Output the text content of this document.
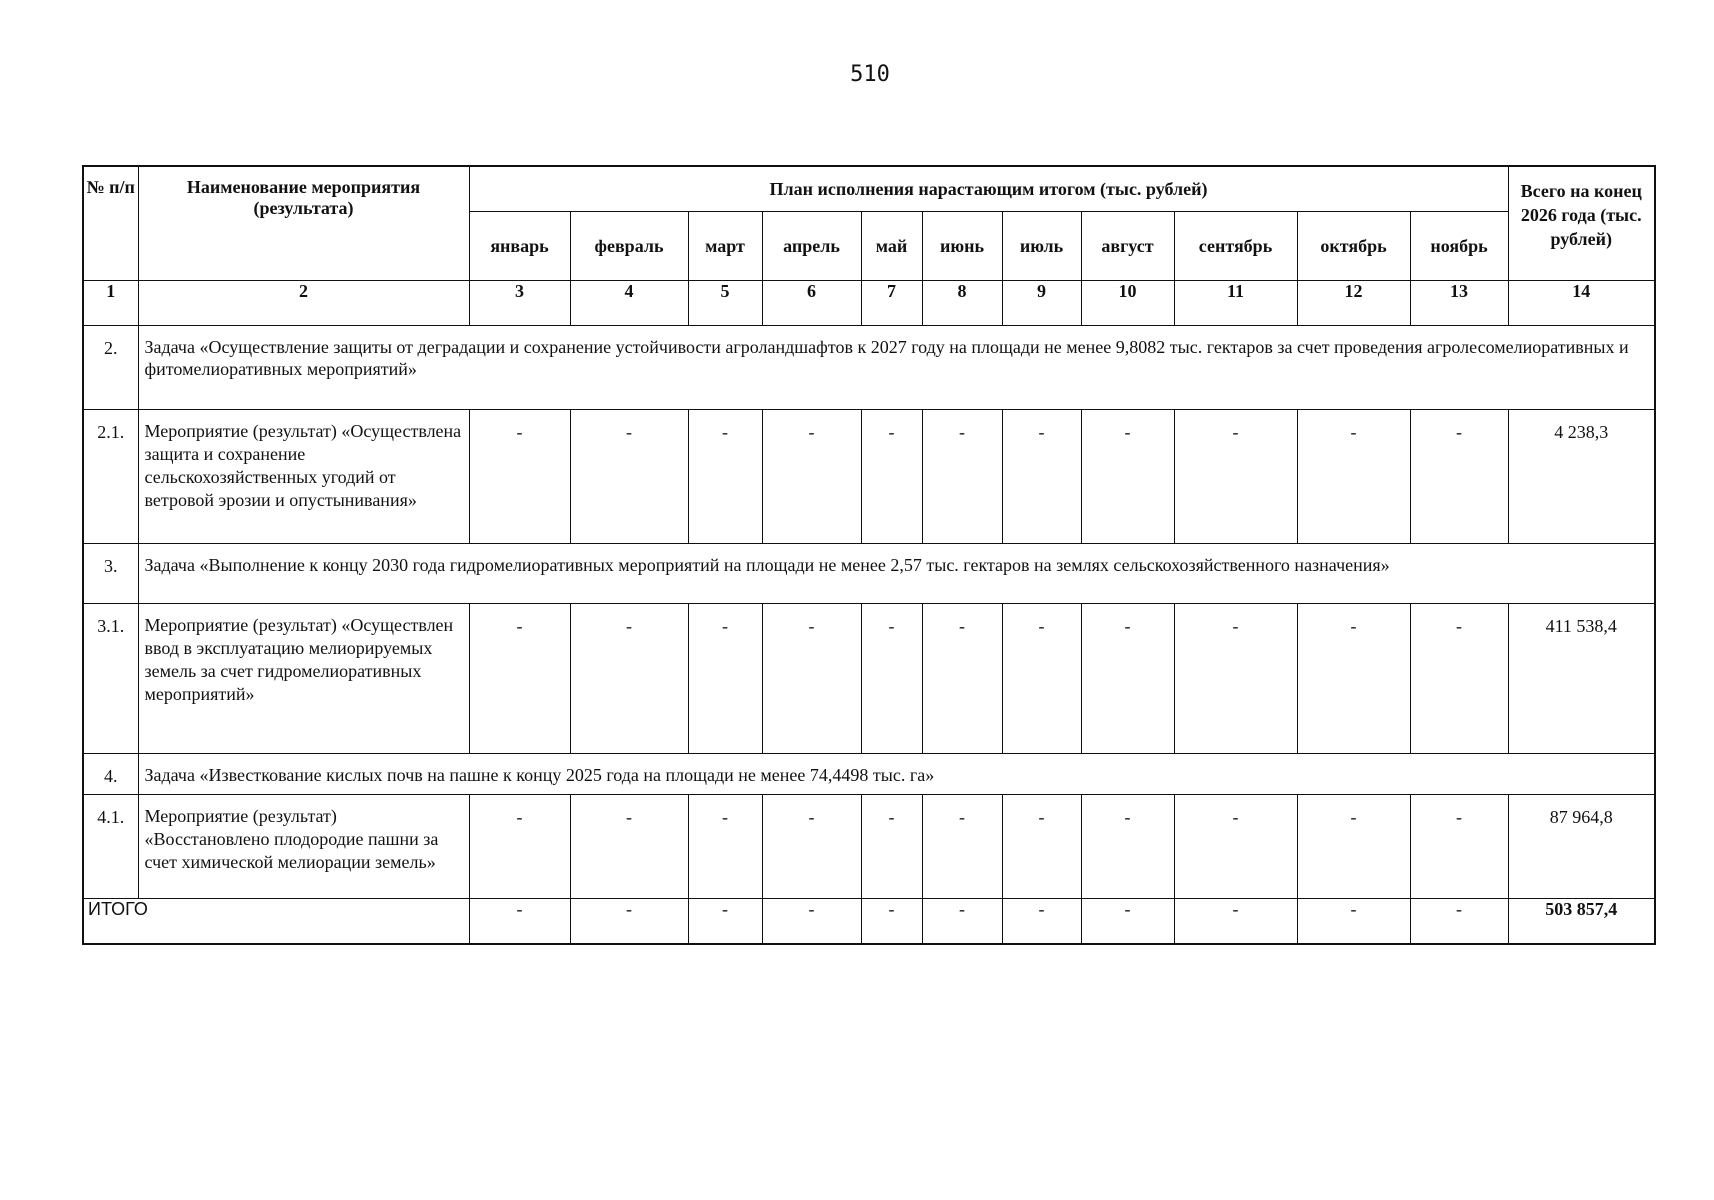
510
№ п/п	Наименование мероприятия (результата)	План исполнения нарастающим итогом (тыс. рублей)											Всего на конец 2026 года (тыс. рублей)
		январь	февраль	март	апрель	май	июнь	июль	август	сентябрь	октябрь	ноябрь	
1	2	3	4	5	6	7	8	9	10	11	12	13	14
2.	Задача «Осуществление защиты от деградации и сохранение устойчивости агроландшафтов к 2027 году на площади не менее 9,8082 тыс. гектаров за счет проведения агролесомелиоративных и фитомелиоративных мероприятий»												
2.1.	Мероприятие (результат) «Осуществлена защита и сохранение сельскохозяйственных угодий от ветровой эрозии и опустынивания»	-	-	-	-	-	-	-	-	-	-	-	4 238,3
3.	Задача «Выполнение к концу 2030 года гидромелиоративных мероприятий на площади не менее 2,57 тыс. гектаров на землях сельскохозяйственного назначения»												
3.1.	Мероприятие (результат) «Осуществлен ввод в эксплуатацию мелиорируемых земель за счет гидромелиоративных мероприятий»	-	-	-	-	-	-	-	-	-	-	-	411 538,4
4.	Задача «Известкование кислых почв на пашне к концу 2025 года на площади не менее 74,4498 тыс. га»												
4.1.	Мероприятие (результат) «Восстановлено плодородие пашни за счет химической мелиорации земель»	-	-	-	-	-	-	-	-	-	-	-	87 964,8
ИТОГО		-	-	-	-	-	-	-	-	-	-	-	503 857,4
